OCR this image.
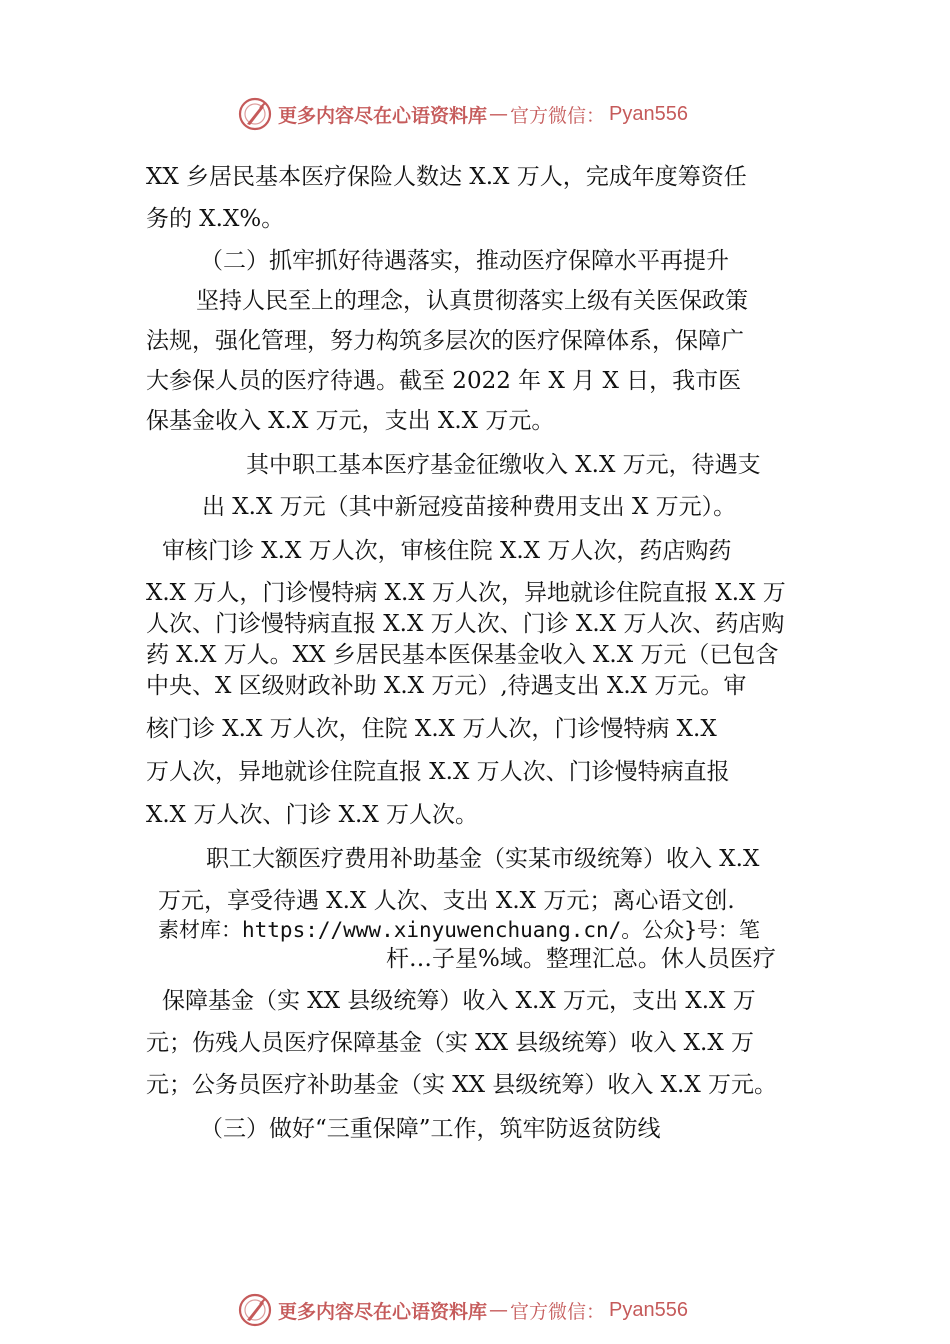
更多内容尽在心语资料库 — 官方微信： Pyan556
XX 乡居民基本医疗保险人数达 X.X 万人，完成年度筹资任
务的 X.X%。
（二）抓牢抓好待遇落实，推动医疗保障水平再提升
坚持人民至上的理念，认真贯彻落实上级有关医保政策
法规，强化管理，努力构筑多层次的医疗保障体系，保障广
大参保人员的医疗待遇。截至 2022 年 X 月 X 日，我市医
保基金收入 X.X 万元，支出 X.X 万元。
其中职工基本医疗基金征缴收入 X.X 万元，待遇支
出 X.X 万元（其中新冠疫苗接种费用支出 X 万元）。
审核门诊 X.X 万人次，审核住院 X.X 万人次，药店购药
X.X 万人，门诊慢特病 X.X 万人次，异地就诊住院直报 X.X 万
人次、门诊慢特病直报 X.X 万人次、门诊 X.X 万人次、药店购
药 X.X 万人。XX 乡居民基本医保基金收入 X.X 万元（已包含
中央、X 区级财政补助 X.X 万元）,待遇支出 X.X 万元。审
核门诊 X.X 万人次，住院 X.X 万人次，门诊慢特病 X.X
万人次，异地就诊住院直报 X.X 万人次、门诊慢特病直报
X.X 万人次、门诊 X.X 万人次。
职工大额医疗费用补助基金（实某市级统筹）收入 X.X
万元，享受待遇 X.X 人次、支出 X.X 万元；离心语文创.
素材库：https://www.xinyuwenchuang.cn/。公众}号：笔
杆…子星%域。整理汇总。休人员医疗
保障基金（实 XX 县级统筹）收入 X.X 万元，支出 X.X 万
元；伤残人员医疗保障基金（实 XX 县级统筹）收入 X.X 万
元；公务员医疗补助基金（实 XX 县级统筹）收入 X.X 万元。
（三）做好“三重保障”工作，筑牢防返贫防线
更多内容尽在心语资料库 — 官方微信： Pyan556
